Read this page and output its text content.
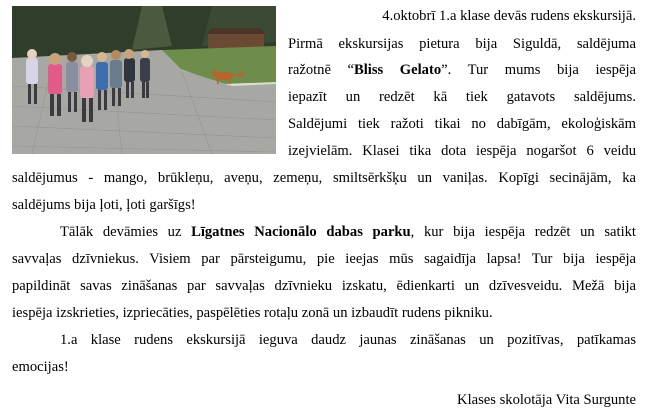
4.oktobrī 1.a klase devās rudens ekskursijā.
Pirmā ekskursijas pietura bija Siguldā, saldējuma
ražotnē “Bliss Gelato”. Tur mums bija iespēja
iepazīt un redzēt kā tiek gatavots saldējums.
Saldējumi tiek ražoti tikai no dabīgām, ekoloģiskām
izejvielām. Klasei tika dota iespēja nogaršot 6 veidu
saldējumus - mango, brūkleņu, aveņu, zemeņu, smiltsērkšķu un vaniļas. Kopīgi secinājām, ka
saldējums bija ļoti, ļoti garšīgs!
Tālāk devāmies uz Līgatnes Nacionālo dabas parku, kur bija iespēja redzēt un satikt
savvaļas dzīvniekus. Visiem par pārsteigumu, pie ieejas mūs sagaidīja lapsa! Tur bija iespēja
papildināt savas zināšanas par savvaļas dzīvnieku izskatu, ēdienkarti un dzīvesveidu. Mežā bija
iespēja izskrieties, izpriecāties, paspēlēties rotaļu zonā un izbaudīt rudens pikniku.
1.a klase rudens ekskursijā ieguva daudz jaunas zināšanas un pozitīvas, patīkamas
emocijas!
Klases skolotāja Vita Surgunte
